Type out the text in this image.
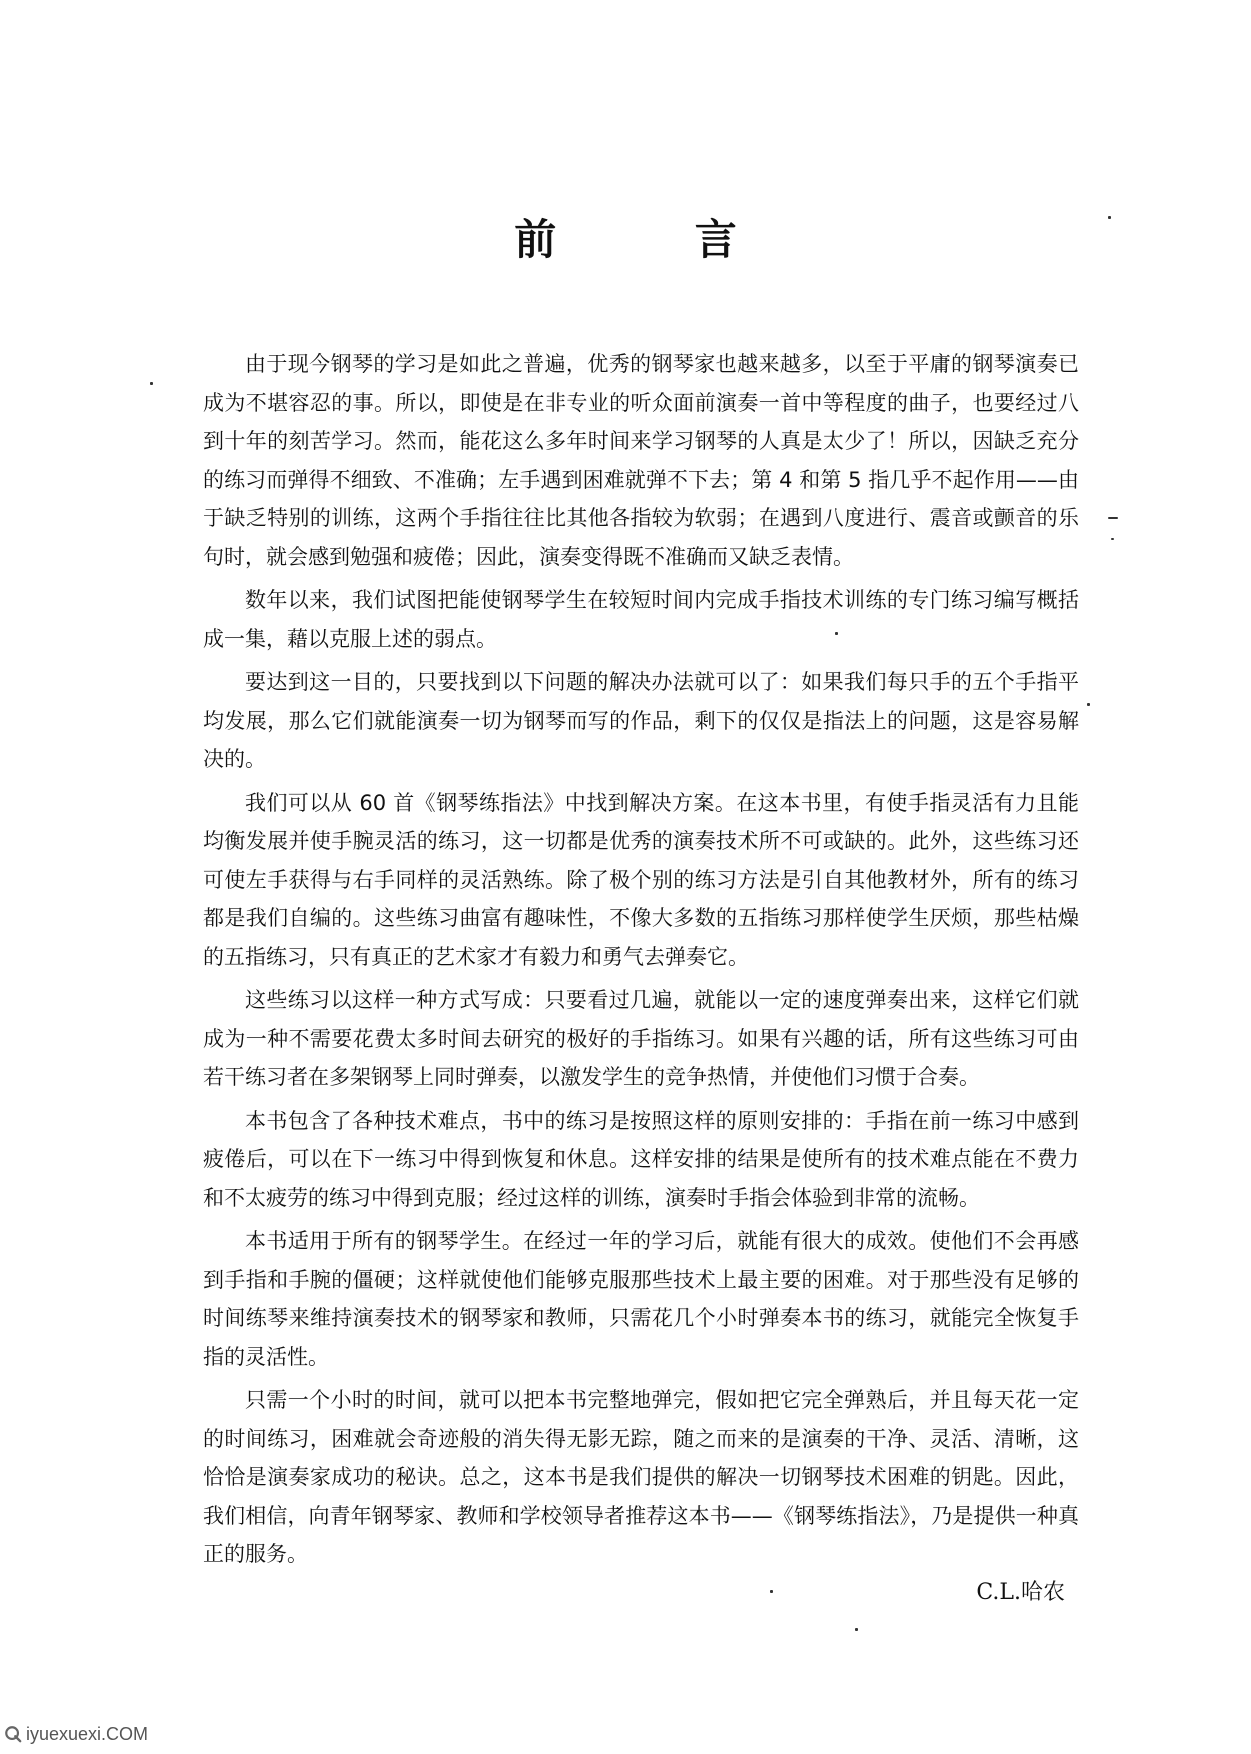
前 言

由于现今钢琴的学习是如此之普遍，优秀的钢琴家也越来越多，以至于平庸的钢琴演奏已成为不堪容忍的事。所以，即使是在非专业的听众面前演奏一首中等程度的曲子，也要经过八到十年的刻苦学习。然而，能花这么多年时间来学习钢琴的人真是太少了！所以，因缺乏充分的练习而弹得不细致、不准确；左手遇到困难就弹不下去；第 4 和第 5 指几乎不起作用——由于缺乏特别的训练，这两个手指往往比其他各指较为软弱；在遇到八度进行、震音或颤音的乐句时，就会感到勉强和疲倦；因此，演奏变得既不准确而又缺乏表情。

数年以来，我们试图把能使钢琴学生在较短时间内完成手指技术训练的专门练习编写概括成一集，藉以克服上述的弱点。

要达到这一目的，只要找到以下问题的解决办法就可以了：如果我们每只手的五个手指平均发展，那么它们就能演奏一切为钢琴而写的作品，剩下的仅仅是指法上的问题，这是容易解决的。

我们可以从 60 首《钢琴练指法》中找到解决方案。在这本书里，有使手指灵活有力且能均衡发展并使手腕灵活的练习，这一切都是优秀的演奏技术所不可或缺的。此外，这些练习还可使左手获得与右手同样的灵活熟练。除了极个别的练习方法是引自其他教材外，所有的练习都是我们自编的。这些练习曲富有趣味性，不像大多数的五指练习那样使学生厌烦，那些枯燥的五指练习，只有真正的艺术家才有毅力和勇气去弹奏它。

这些练习以这样一种方式写成：只要看过几遍，就能以一定的速度弹奏出来，这样它们就成为一种不需要花费太多时间去研究的极好的手指练习。如果有兴趣的话，所有这些练习可由若干练习者在多架钢琴上同时弹奏，以激发学生的竞争热情，并使他们习惯于合奏。

本书包含了各种技术难点，书中的练习是按照这样的原则安排的：手指在前一练习中感到疲倦后，可以在下一练习中得到恢复和休息。这样安排的结果是使所有的技术难点能在不费力和不太疲劳的练习中得到克服；经过这样的训练，演奏时手指会体验到非常的流畅。

本书适用于所有的钢琴学生。在经过一年的学习后，就能有很大的成效。使他们不会再感到手指和手腕的僵硬；这样就使他们能够克服那些技术上最主要的困难。对于那些没有足够的时间练琴来维持演奏技术的钢琴家和教师，只需花几个小时弹奏本书的练习，就能完全恢复手指的灵活性。

只需一个小时的时间，就可以把本书完整地弹完，假如把它完全弹熟后，并且每天花一定的时间练习，困难就会奇迹般的消失得无影无踪，随之而来的是演奏的干净、灵活、清晰，这恰恰是演奏家成功的秘诀。总之，这本书是我们提供的解决一切钢琴技术困难的钥匙。因此，我们相信，向青年钢琴家、教师和学校领导者推荐这本书——《钢琴练指法》，乃是提供一种真正的服务。

C.L.哈农
iyuexuexi.COM
